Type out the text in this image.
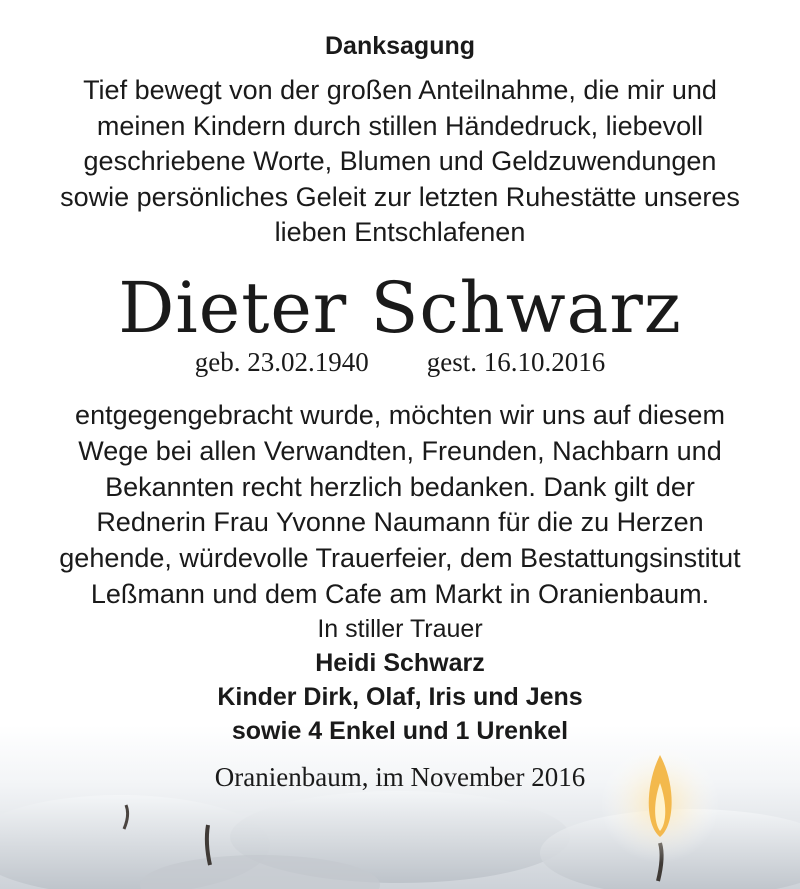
Danksagung
Tief bewegt von der großen Anteilnahme, die mir und
meinen Kindern durch stillen Händedruck, liebevoll
geschriebene Worte, Blumen und Geldzuwendungen
sowie persönliches Geleit zur letzten Ruhestätte unseres
lieben Entschlafenen
Dieter Schwarz
geb. 23.02.1940 gest. 16.10.2016
entgegengebracht wurde, möchten wir uns auf diesem
Wege bei allen Verwandten, Freunden, Nachbarn und
Bekannten recht herzlich bedanken. Dank gilt der
Rednerin Frau Yvonne Naumann für die zu Herzen
gehende, würdevolle Trauerfeier, dem Bestattungsinstitut
Leßmann und dem Cafe am Markt in Oranienbaum.
In stiller Trauer
Heidi Schwarz
Kinder Dirk, Olaf, Iris und Jens
sowie 4 Enkel und 1 Urenkel
Oranienbaum, im November 2016
